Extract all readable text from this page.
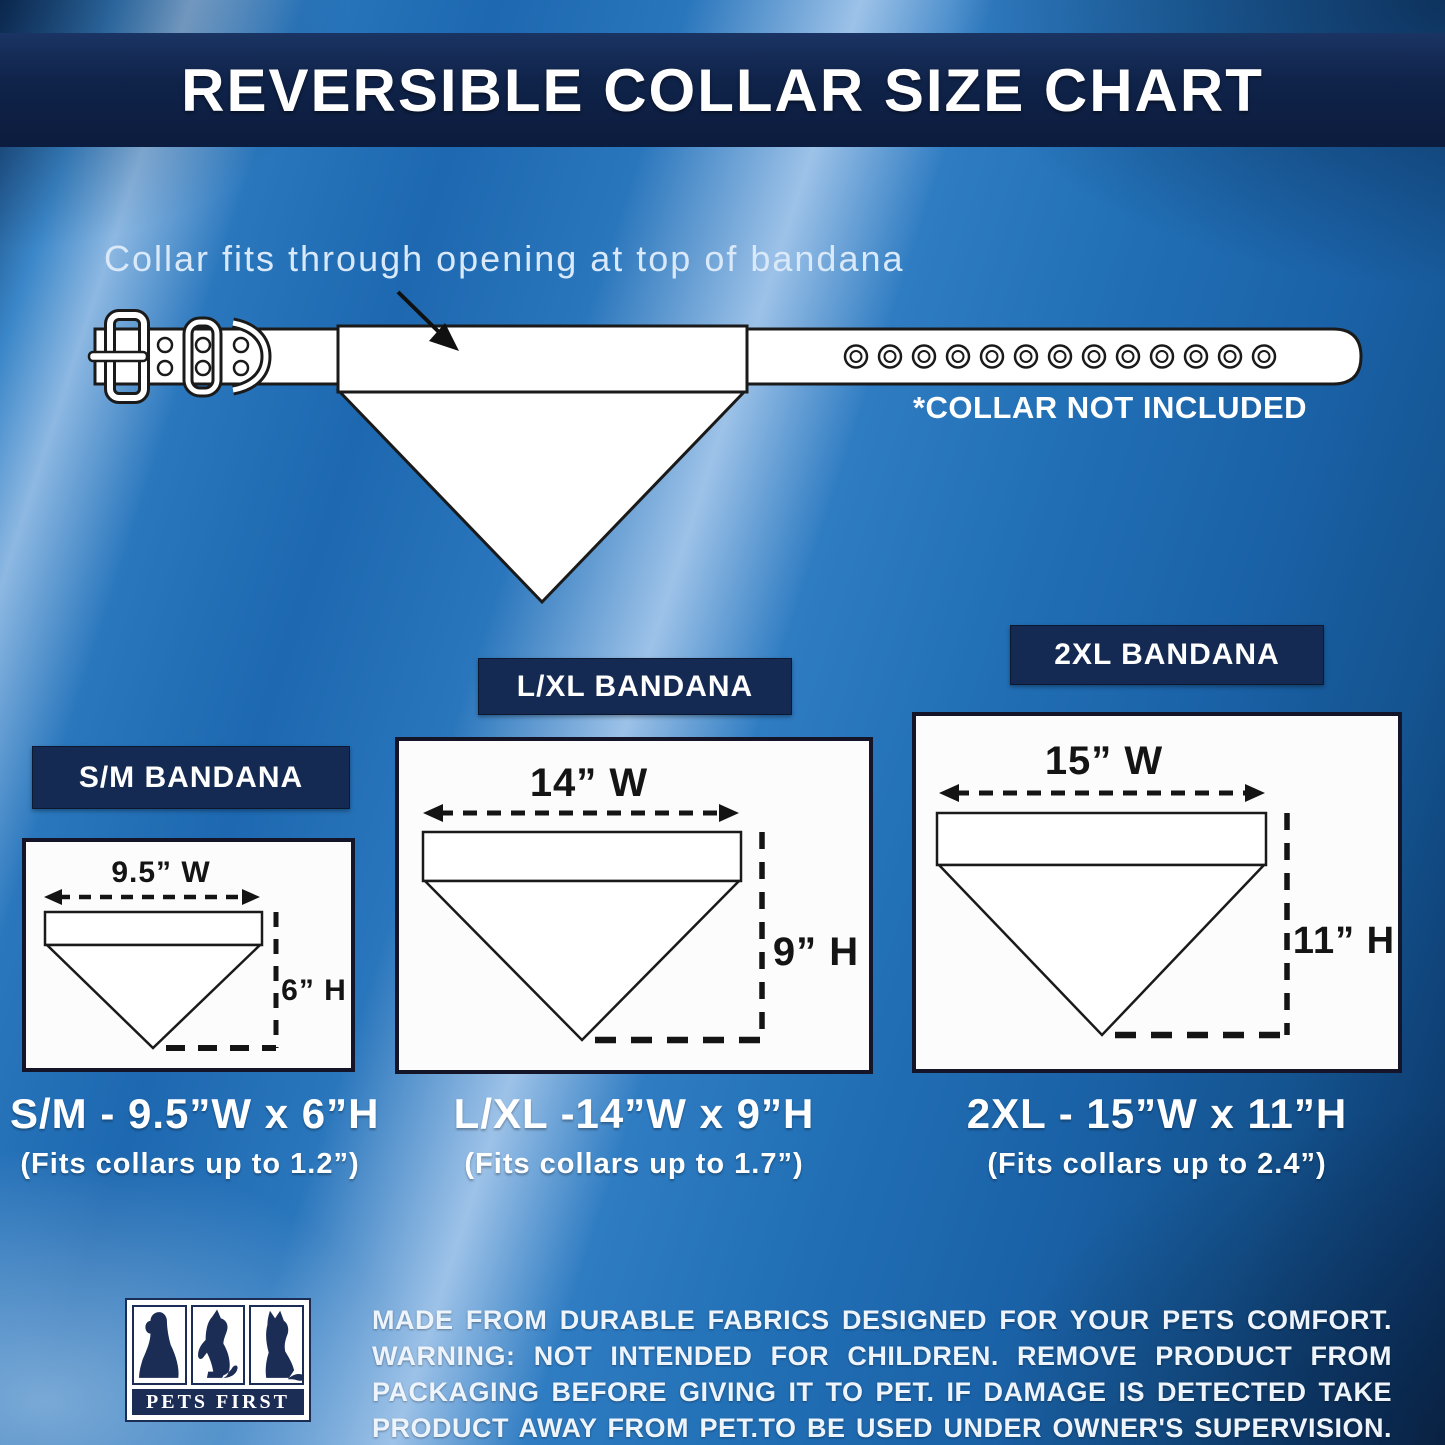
REVERSIBLE COLLAR SIZE CHART
Collar fits through opening at top of bandana
*COLLAR NOT INCLUDED
S/M BANDANA
9.5” W
6” H
S/M - 9.5”W x 6”H
(Fits collars up to 1.2”)
L/XL BANDANA
14” W
9” H
L/XL -14”W x 9”H
(Fits collars up to 1.7”)
2XL BANDANA
15” W
11” H
2XL - 15”W x 11”H
(Fits collars up to 2.4”)
PETS FIRST
MADE FROM DURABLE FABRICS DESIGNED FOR YOUR PETS COMFORT.
WARNING: NOT INTENDED FOR CHILDREN. REMOVE PRODUCT FROM
PACKAGING BEFORE GIVING IT TO PET. IF DAMAGE IS DETECTED TAKE
PRODUCT AWAY FROM PET.TO BE USED UNDER OWNER'S SUPERVISION.
